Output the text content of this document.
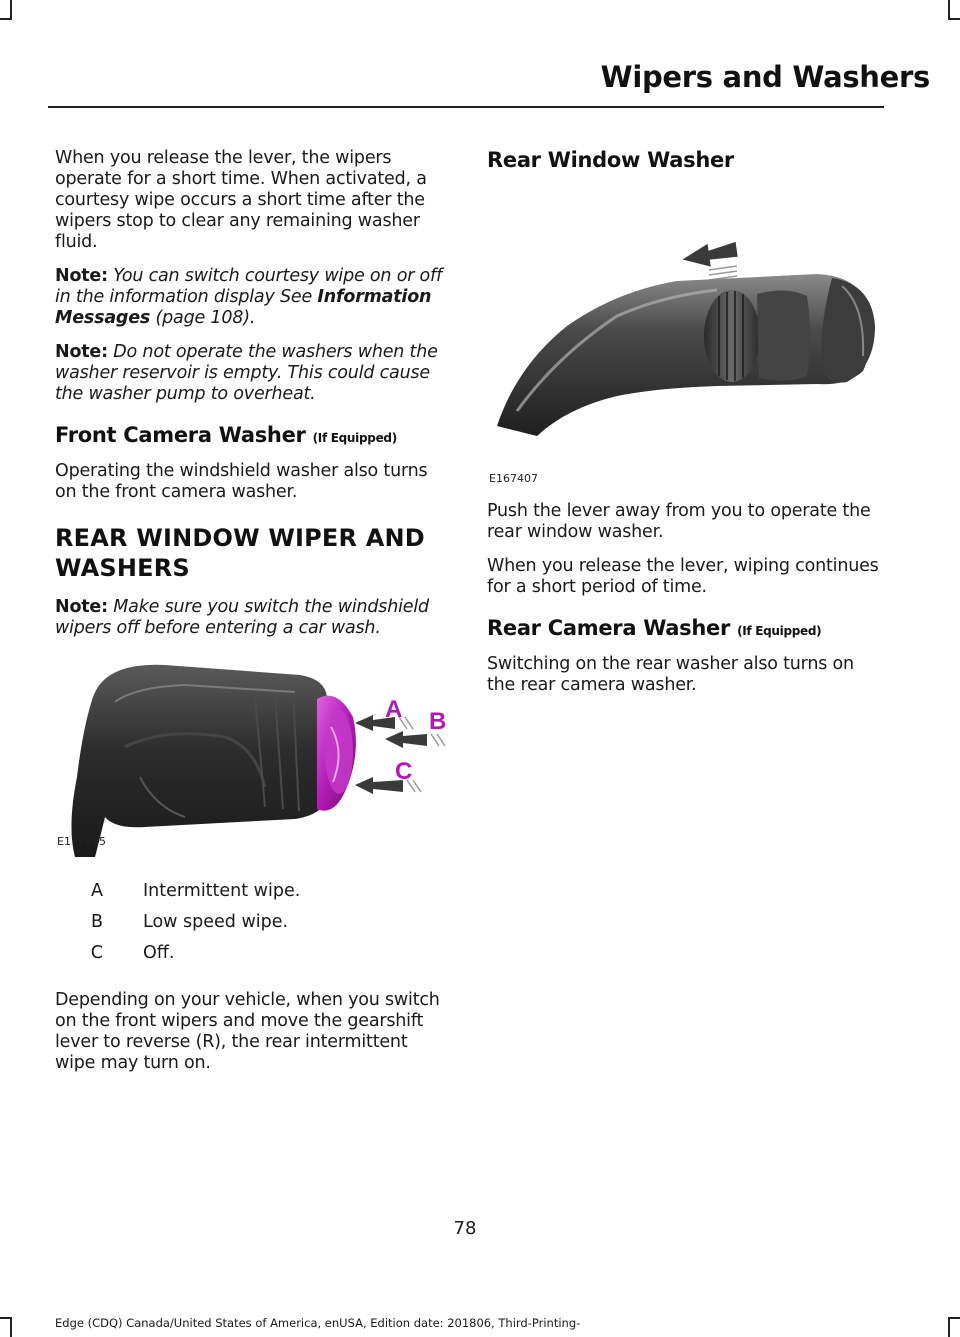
Wipers and Washers

When you release the lever, the wipers operate for a short time. When activated, a courtesy wipe occurs a short time after the wipers stop to clear any remaining washer fluid.

Note: You can switch courtesy wipe on or off in the information display See Information Messages (page 108).

Note: Do not operate the washers when the washer reservoir is empty. This could cause the washer pump to overheat.

Front Camera Washer (If Equipped)

Operating the windshield washer also turns on the front camera washer.

REAR WINDOW WIPER AND
WASHERS

Note: Make sure you switch the windshield wipers off before entering a car wash.

A B
C
E171615
A	Intermittent wipe.
B	Low speed wipe.
C	Off.

Depending on your vehicle, when you switch on the front wipers and move the gearshift lever to reverse (R), the rear intermittent wipe may turn on.

Rear Window Washer
E167407

Push the lever away from you to operate the rear window washer.

When you release the lever, wiping continues for a short period of time.

Rear Camera Washer (If Equipped)

Switching on the rear washer also turns on the rear camera washer.

78
Edge (CDQ) Canada/United States of America, enUSA, Edition date: 201806, Third-Printing-
